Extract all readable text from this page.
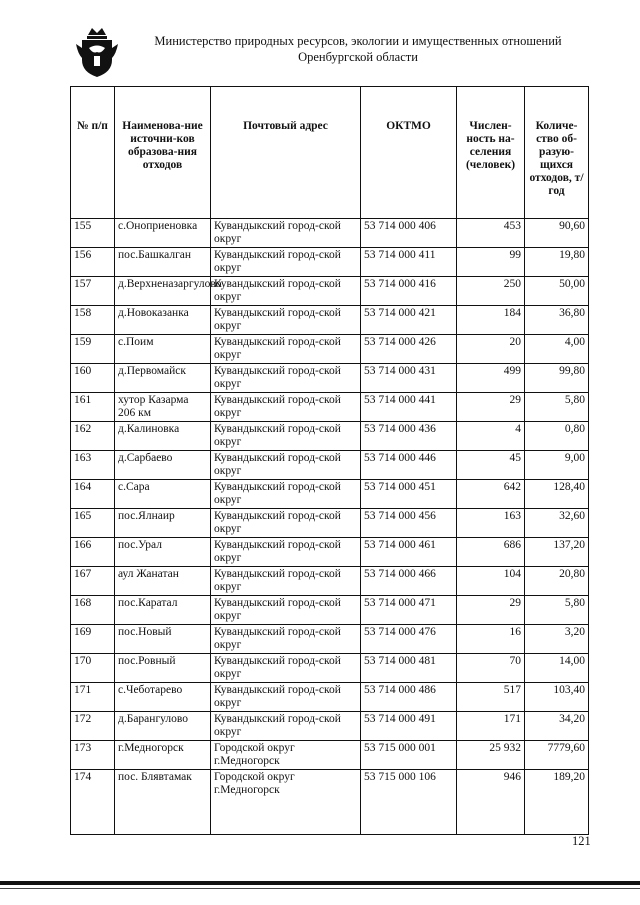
Министерство природных ресурсов, экологии и имущественных отношений
Оренбургской области
№ п/п	Наименова-ние источни-ков образова-ния отходов	Почтовый адрес	ОКТМО	Числен-ность на-селения (человек)	Количе-ство об-разую-щихся отходов, т/год
155	с.Оноприеновка	Кувандыкский город-ской округ	53 714 000 406	453	90,60
156	пос.Башкалган	Кувандыкский город-ской округ	53 714 000 411	99	19,80
157	д.Верхненазаргулово	Кувандыкский город-ской округ	53 714 000 416	250	50,00
158	д.Новоказанка	Кувандыкский город-ской округ	53 714 000 421	184	36,80
159	с.Поим	Кувандыкский город-ской округ	53 714 000 426	20	4,00
160	д.Первомайск	Кувандыкский город-ской округ	53 714 000 431	499	99,80
161	хутор Казарма 206 км	Кувандыкский город-ской округ	53 714 000 441	29	5,80
162	д.Калиновка	Кувандыкский город-ской округ	53 714 000 436	4	0,80
163	д.Сарбаево	Кувандыкский город-ской округ	53 714 000 446	45	9,00
164	с.Сара	Кувандыкский город-ской округ	53 714 000 451	642	128,40
165	пос.Ялнаир	Кувандыкский город-ской округ	53 714 000 456	163	32,60
166	пос.Урал	Кувандыкский город-ской округ	53 714 000 461	686	137,20
167	аул Жанатан	Кувандыкский город-ской округ	53 714 000 466	104	20,80
168	пос.Каратал	Кувандыкский город-ской округ	53 714 000 471	29	5,80
169	пос.Новый	Кувандыкский город-ской округ	53 714 000 476	16	3,20
170	пос.Ровный	Кувандыкский город-ской округ	53 714 000 481	70	14,00
171	с.Чеботарево	Кувандыкский город-ской округ	53 714 000 486	517	103,40
172	д.Барангулово	Кувандыкский город-ской округ	53 714 000 491	171	34,20
173	г.Медногорск	Городской округ г.Медногорск	53 715 000 001	25 932	7779,60
174	пос. Блявтамак	Городской округ г.Медногорск	53 715 000 106	946	189,20
121
